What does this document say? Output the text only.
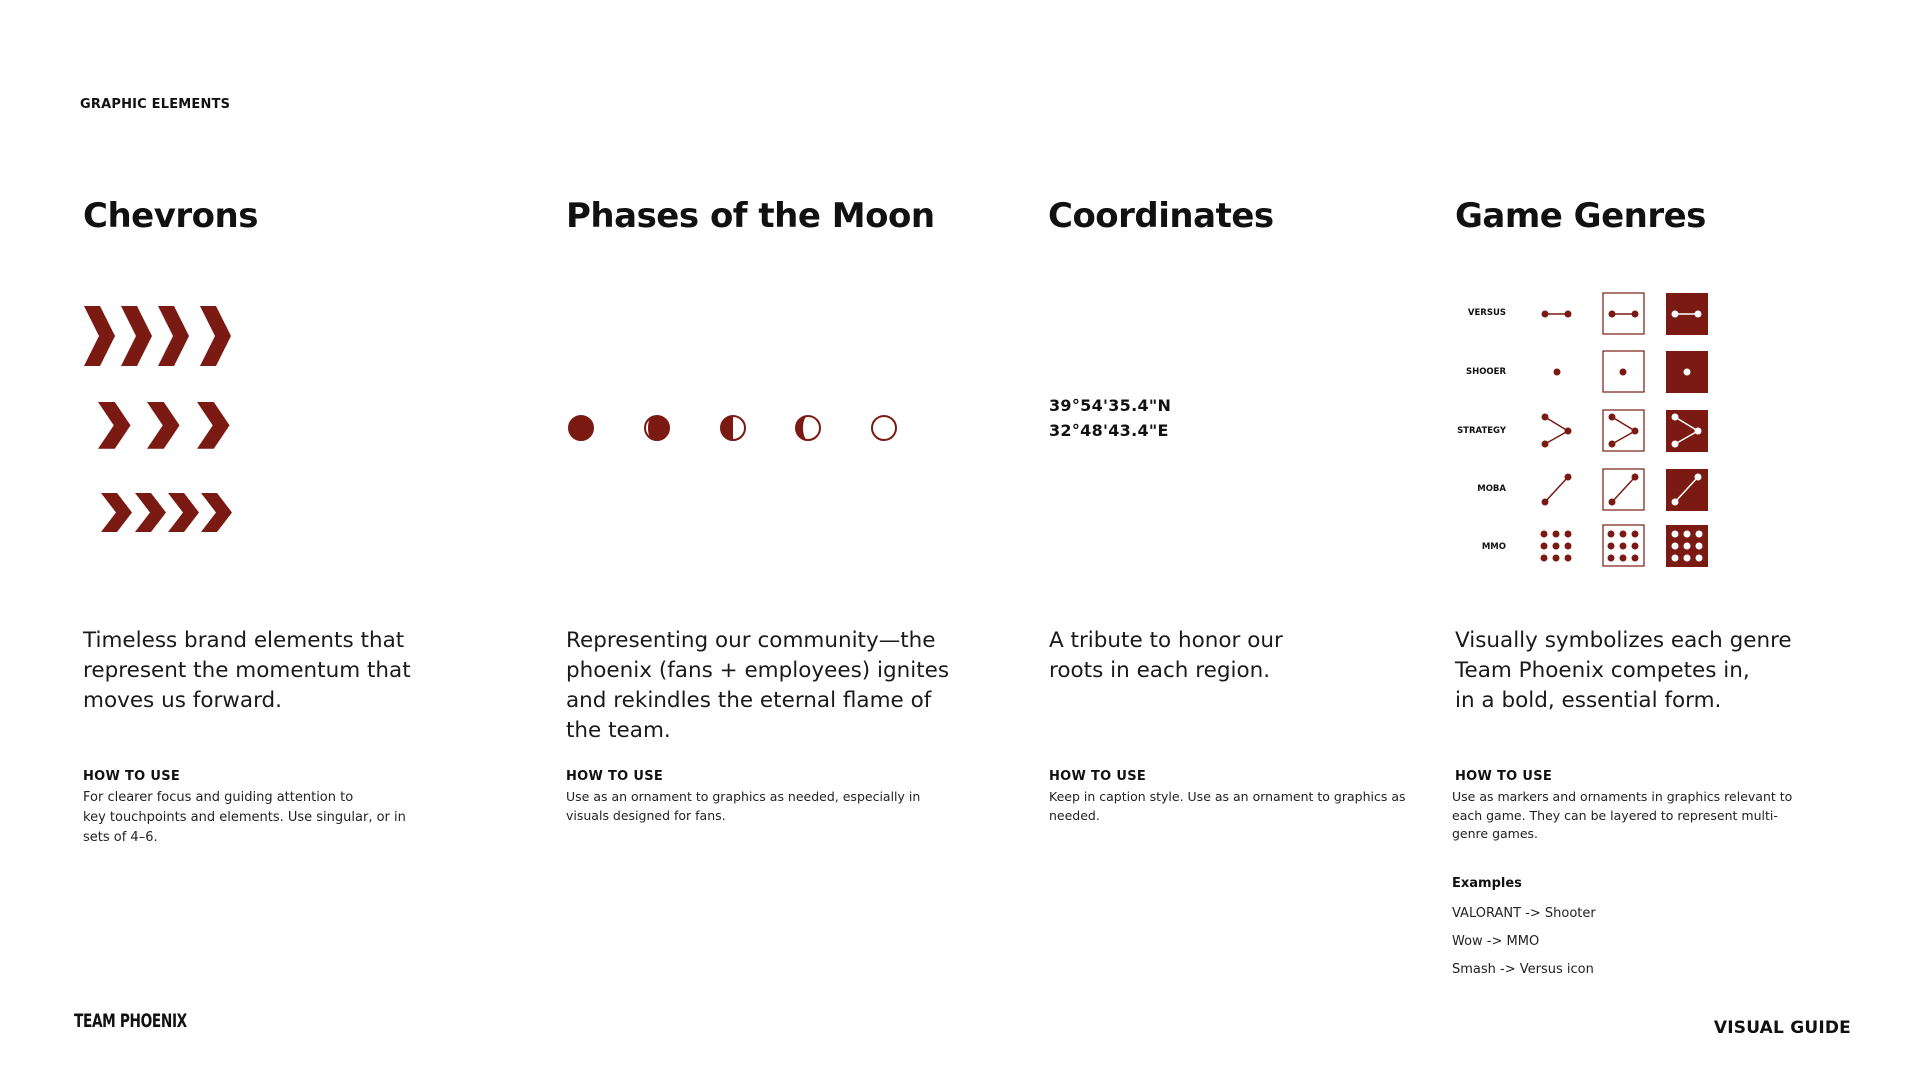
GRAPHIC ELEMENTS
Chevrons	Phases of the Moon	Coordinates	Game Genres
VERSUS
SHOOER
STRATEGY
MOBA
MMO
39°54'35.4"N
32°48'43.4"E
Timeless brand elements that
represent the momentum that
moves us forward.
Representing our community—the
phoenix (fans + employees) ignites
and rekindles the eternal flame of
the team.
A tribute to honor our
roots in each region.
Visually symbolizes each genre
Team Phoenix competes in,
in a bold, essential form.
HOW TO USE	HOW TO USE	HOW TO USE	HOW TO USE
For clearer focus and guiding attention to
key touchpoints and elements. Use singular, or in
sets of 4–6.
Use as an ornament to graphics as needed, especially in
visuals designed for fans.
Keep in caption style. Use as an ornament to graphics as
needed.
Use as markers and ornaments in graphics relevant to
each game. They can be layered to represent multi-
genre games.
Examples
VALORANT -> Shooter
Wow -> MMO
Smash -> Versus icon
TEAM PHOENIX	VISUAL GUIDE
